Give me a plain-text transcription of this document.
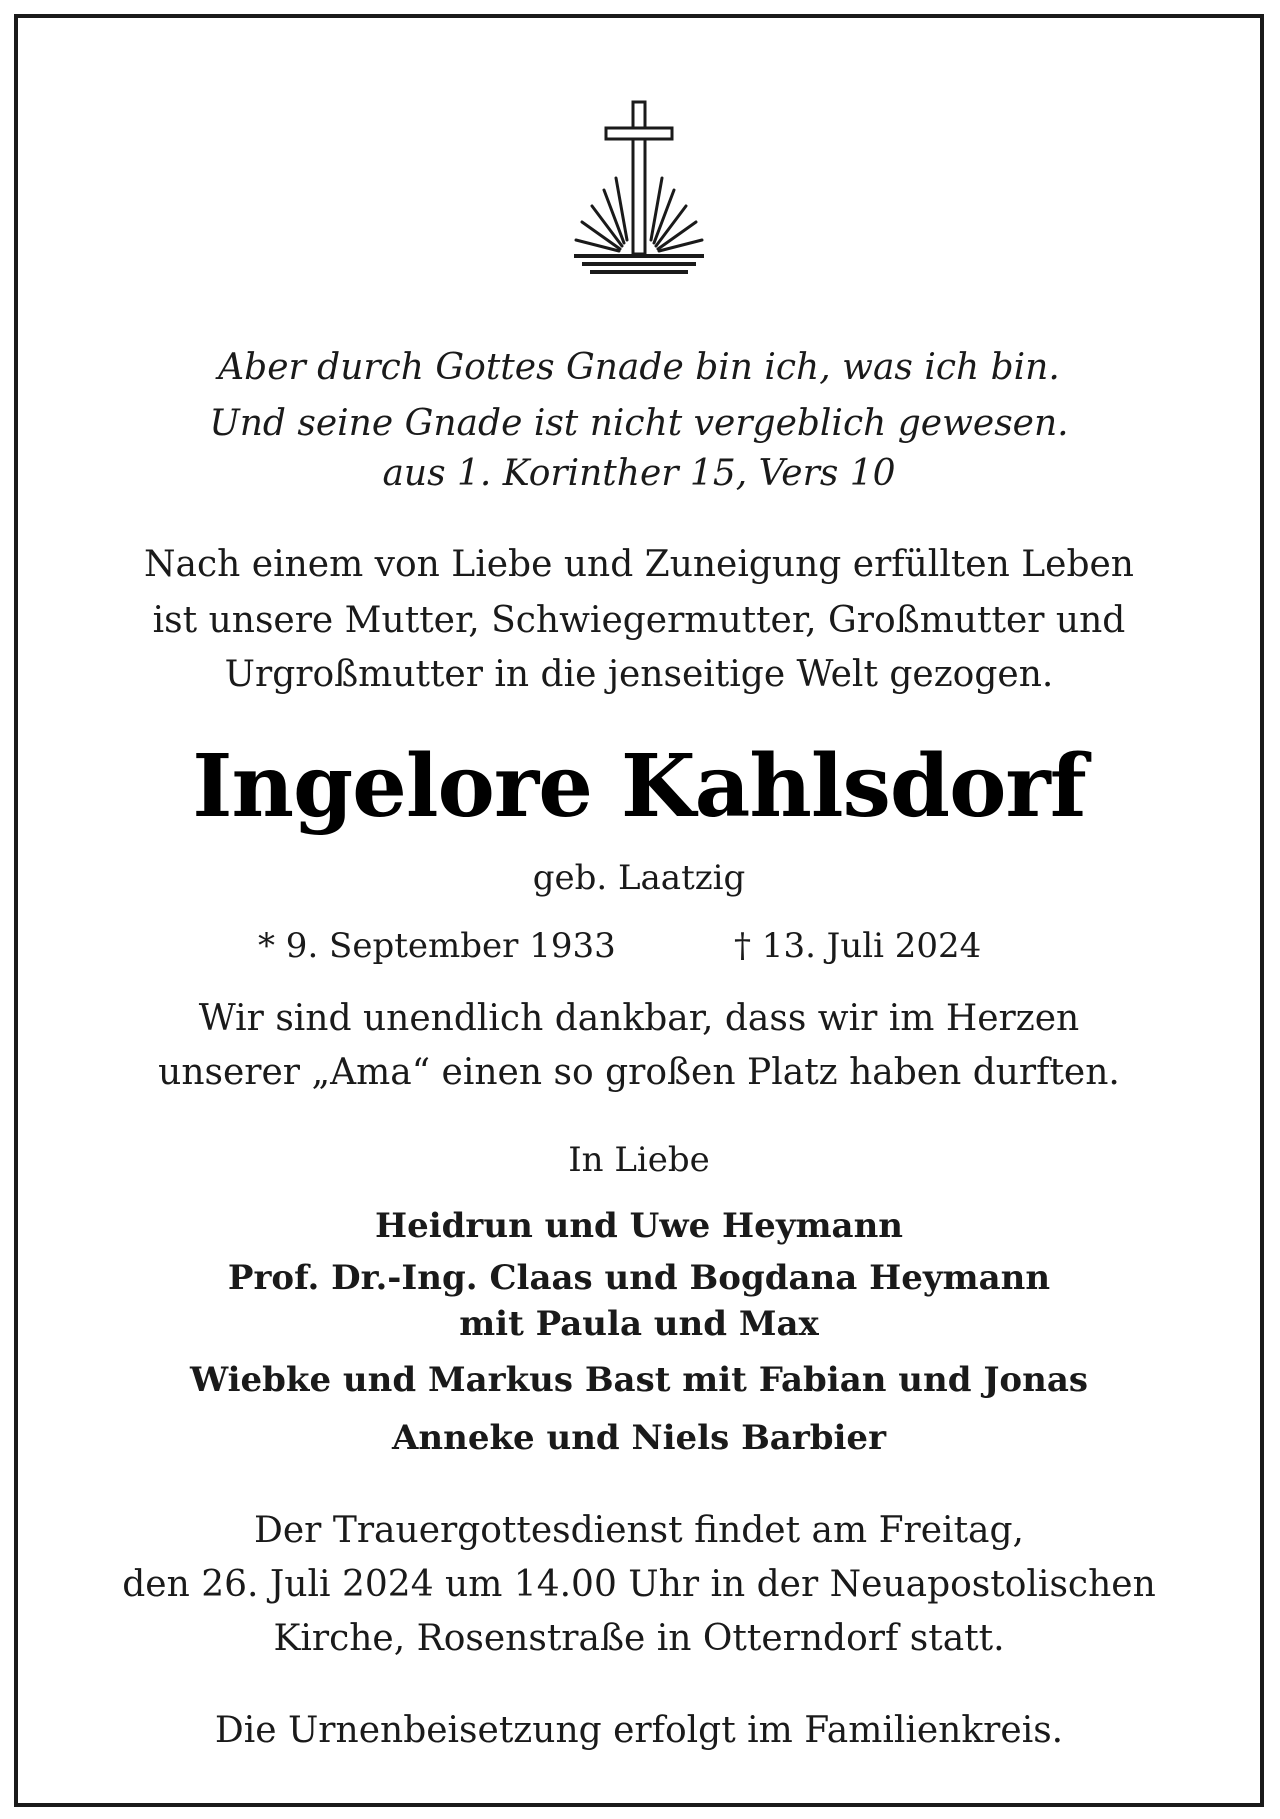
Aber durch Gottes Gnade bin ich, was ich bin.
Und seine Gnade ist nicht vergeblich gewesen.
aus 1. Korinther 15, Vers 10
Nach einem von Liebe und Zuneigung erfüllten Leben
ist unsere Mutter, Schwiegermutter, Großmutter und
Urgroßmutter in die jenseitige Welt gezogen.
Ingelore Kahlsdorf
geb. Laatzig
* 9. September 1933	† 13. Juli 2024
Wir sind unendlich dankbar, dass wir im Herzen
unserer „Ama“ einen so großen Platz haben durften.
In Liebe
Heidrun und Uwe Heymann
Prof. Dr.-Ing. Claas und Bogdana Heymann
mit Paula und Max
Wiebke und Markus Bast mit Fabian und Jonas
Anneke und Niels Barbier
Der Trauergottesdienst findet am Freitag,
den 26. Juli 2024 um 14.00 Uhr in der Neuapostolischen
Kirche, Rosenstraße in Otterndorf statt.
Die Urnenbeisetzung erfolgt im Familienkreis.
